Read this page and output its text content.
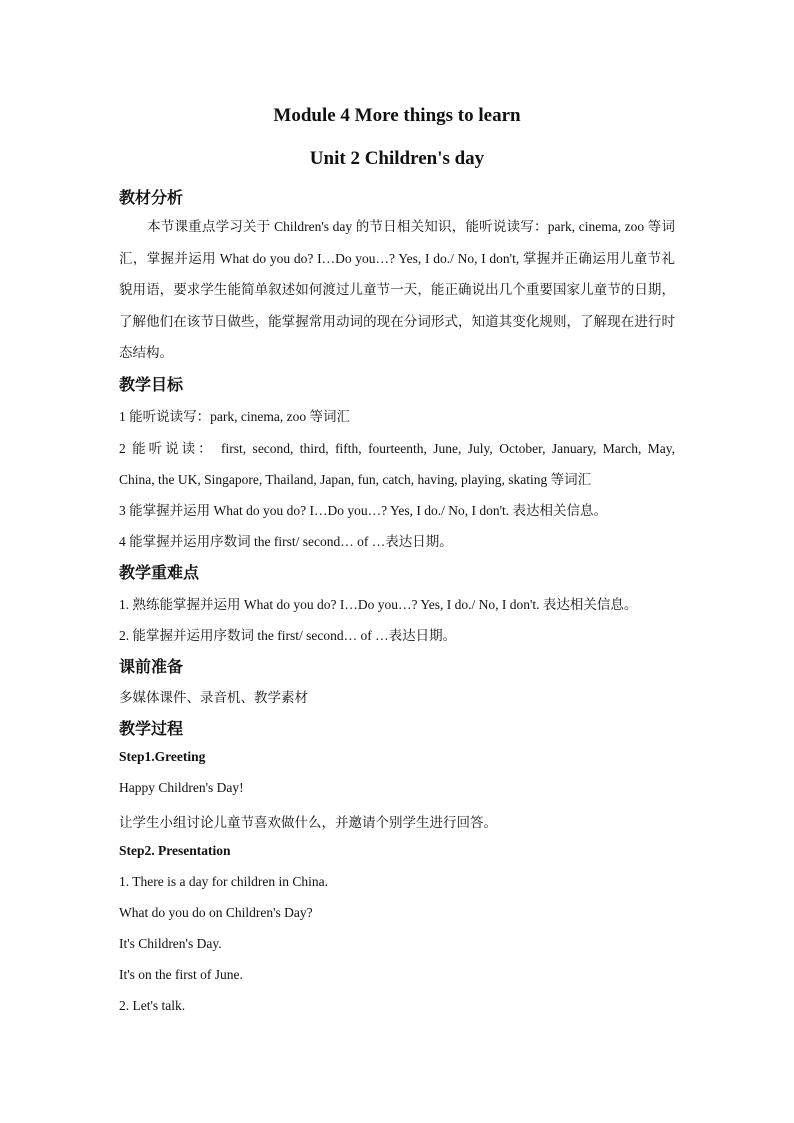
Module 4 More things to learn
Unit 2 Children's day
教材分析
本节课重点学习关于 Children's day 的节日相关知识，能听说读写：park, cinema, zoo 等词汇，掌握并运用 What do you do? I…Do you…? Yes, I do./ No, I don't, 掌握并正确运用儿童节礼貌用语，要求学生能简单叙述如何渡过儿童节一天，能正确说出几个重要国家儿童节的日期，了解他们在该节日做些，能掌握常用动词的现在分词形式，知道其变化规则，了解现在进行时态结构。
教学目标
1 能听说读写：park, cinema, zoo 等词汇
2 能听说读： first, second, third, fifth, fourteenth, June, July, October, January, March, May,
China, the UK, Singapore, Thailand, Japan, fun, catch, having, playing, skating 等词汇
3 能掌握并运用 What do you do? I…Do you…? Yes, I do./ No, I don't. 表达相关信息。
4 能掌握并运用序数词 the first/ second… of …表达日期。
教学重难点
1. 熟练能掌握并运用 What do you do? I…Do you…? Yes, I do./ No, I don't. 表达相关信息。
2. 能掌握并运用序数词 the first/ second… of …表达日期。
课前准备
多媒体课件、录音机、教学素材
教学过程
Step1.Greeting
Happy Children's Day!
让学生小组讨论儿童节喜欢做什么，并邀请个别学生进行回答。
Step2. Presentation
1. There is a day for children in China.
What do you do on Children's Day?
It's Children's Day.
It's on the first of June.
2. Let's talk.
